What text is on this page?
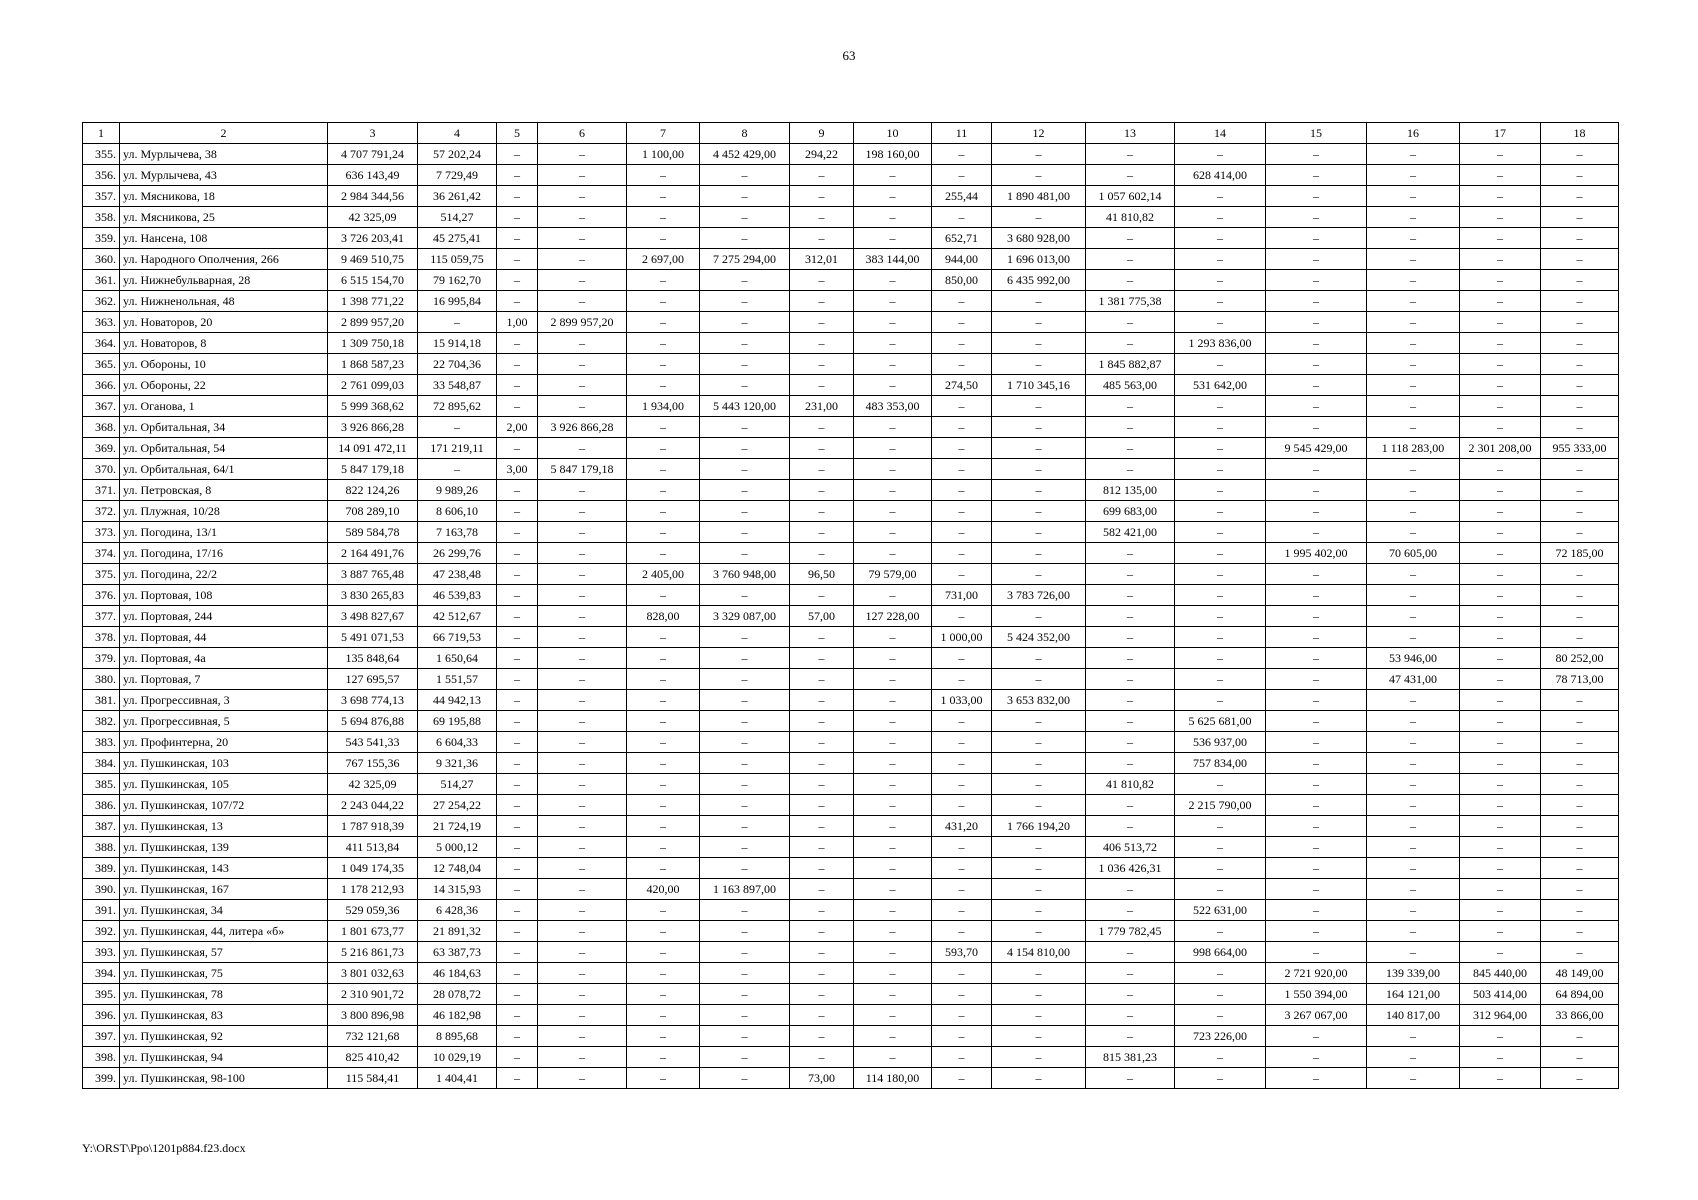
63
1	2	3	4	5	6	7	8	9	10	11	12	13	14	15	16	17	18
355.	ул. Мурлычева, 38	4 707 791,24	57 202,24	–	–	1 100,00	4 452 429,00	294,22	198 160,00	–	–	–	–	–	–	–	–
356.	ул. Мурлычева, 43	636 143,49	7 729,49	–	–	–	–	–	–	–	–	–	628 414,00	–	–	–	–
357.	ул. Мясникова, 18	2 984 344,56	36 261,42	–	–	–	–	–	–	255,44	1 890 481,00	1 057 602,14	–	–	–	–	–
358.	ул. Мясникова, 25	42 325,09	514,27	–	–	–	–	–	–	–	–	41 810,82	–	–	–	–	–
359.	ул. Нансена, 108	3 726 203,41	45 275,41	–	–	–	–	–	–	652,71	3 680 928,00	–	–	–	–	–	–
360.	ул. Народного Ополчения, 266	9 469 510,75	115 059,75	–	–	2 697,00	7 275 294,00	312,01	383 144,00	944,00	1 696 013,00	–	–	–	–	–	–
361.	ул. Нижнебульварная, 28	6 515 154,70	79 162,70	–	–	–	–	–	–	850,00	6 435 992,00	–	–	–	–	–	–
362.	ул. Нижненольная, 48	1 398 771,22	16 995,84	–	–	–	–	–	–	–	–	1 381 775,38	–	–	–	–	–
363.	ул. Новаторов, 20	2 899 957,20	–	1,00	2 899 957,20	–	–	–	–	–	–	–	–	–	–	–	–
364.	ул. Новаторов, 8	1 309 750,18	15 914,18	–	–	–	–	–	–	–	–	–	1 293 836,00	–	–	–	–
365.	ул. Обороны, 10	1 868 587,23	22 704,36	–	–	–	–	–	–	–	–	1 845 882,87	–	–	–	–	–
366.	ул. Обороны, 22	2 761 099,03	33 548,87	–	–	–	–	–	–	274,50	1 710 345,16	485 563,00	531 642,00	–	–	–	–
367.	ул. Оганова, 1	5 999 368,62	72 895,62	–	–	1 934,00	5 443 120,00	231,00	483 353,00	–	–	–	–	–	–	–	–
368.	ул. Орбитальная, 34	3 926 866,28	–	2,00	3 926 866,28	–	–	–	–	–	–	–	–	–	–	–	–
369.	ул. Орбитальная, 54	14 091 472,11	171 219,11	–	–	–	–	–	–	–	–	–	–	9 545 429,00	1 118 283,00	2 301 208,00	955 333,00
370.	ул. Орбитальная, 64/1	5 847 179,18	–	3,00	5 847 179,18	–	–	–	–	–	–	–	–	–	–	–	–
371.	ул. Петровская, 8	822 124,26	9 989,26	–	–	–	–	–	–	–	–	812 135,00	–	–	–	–	–
372.	ул. Плужная, 10/28	708 289,10	8 606,10	–	–	–	–	–	–	–	–	699 683,00	–	–	–	–	–
373.	ул. Погодина, 13/1	589 584,78	7 163,78	–	–	–	–	–	–	–	–	582 421,00	–	–	–	–	–
374.	ул. Погодина, 17/16	2 164 491,76	26 299,76	–	–	–	–	–	–	–	–	–	–	1 995 402,00	70 605,00	–	72 185,00
375.	ул. Погодина, 22/2	3 887 765,48	47 238,48	–	–	2 405,00	3 760 948,00	96,50	79 579,00	–	–	–	–	–	–	–	–
376.	ул. Портовая, 108	3 830 265,83	46 539,83	–	–	–	–	–	–	731,00	3 783 726,00	–	–	–	–	–	–
377.	ул. Портовая, 244	3 498 827,67	42 512,67	–	–	828,00	3 329 087,00	57,00	127 228,00	–	–	–	–	–	–	–	–
378.	ул. Портовая, 44	5 491 071,53	66 719,53	–	–	–	–	–	–	1 000,00	5 424 352,00	–	–	–	–	–	–
379.	ул. Портовая, 4а	135 848,64	1 650,64	–	–	–	–	–	–	–	–	–	–	–	53 946,00	–	80 252,00
380.	ул. Портовая, 7	127 695,57	1 551,57	–	–	–	–	–	–	–	–	–	–	–	47 431,00	–	78 713,00
381.	ул. Прогрессивная, 3	3 698 774,13	44 942,13	–	–	–	–	–	–	1 033,00	3 653 832,00	–	–	–	–	–	–
382.	ул. Прогрессивная, 5	5 694 876,88	69 195,88	–	–	–	–	–	–	–	–	–	5 625 681,00	–	–	–	–
383.	ул. Профинтерна, 20	543 541,33	6 604,33	–	–	–	–	–	–	–	–	–	536 937,00	–	–	–	–
384.	ул. Пушкинская, 103	767 155,36	9 321,36	–	–	–	–	–	–	–	–	–	757 834,00	–	–	–	–
385.	ул. Пушкинская, 105	42 325,09	514,27	–	–	–	–	–	–	–	–	41 810,82	–	–	–	–	–
386.	ул. Пушкинская, 107/72	2 243 044,22	27 254,22	–	–	–	–	–	–	–	–	–	2 215 790,00	–	–	–	–
387.	ул. Пушкинская, 13	1 787 918,39	21 724,19	–	–	–	–	–	–	431,20	1 766 194,20	–	–	–	–	–	–
388.	ул. Пушкинская, 139	411 513,84	5 000,12	–	–	–	–	–	–	–	–	406 513,72	–	–	–	–	–
389.	ул. Пушкинская, 143	1 049 174,35	12 748,04	–	–	–	–	–	–	–	–	1 036 426,31	–	–	–	–	–
390.	ул. Пушкинская, 167	1 178 212,93	14 315,93	–	–	420,00	1 163 897,00	–	–	–	–	–	–	–	–	–	–
391.	ул. Пушкинская, 34	529 059,36	6 428,36	–	–	–	–	–	–	–	–	–	522 631,00	–	–	–	–
392.	ул. Пушкинская, 44, литера «б»	1 801 673,77	21 891,32	–	–	–	–	–	–	–	–	1 779 782,45	–	–	–	–	–
393.	ул. Пушкинская, 57	5 216 861,73	63 387,73	–	–	–	–	–	–	593,70	4 154 810,00	–	998 664,00	–	–	–	–
394.	ул. Пушкинская, 75	3 801 032,63	46 184,63	–	–	–	–	–	–	–	–	–	–	2 721 920,00	139 339,00	845 440,00	48 149,00
395.	ул. Пушкинская, 78	2 310 901,72	28 078,72	–	–	–	–	–	–	–	–	–	–	1 550 394,00	164 121,00	503 414,00	64 894,00
396.	ул. Пушкинская, 83	3 800 896,98	46 182,98	–	–	–	–	–	–	–	–	–	–	3 267 067,00	140 817,00	312 964,00	33 866,00
397.	ул. Пушкинская, 92	732 121,68	8 895,68	–	–	–	–	–	–	–	–	–	723 226,00	–	–	–	–
398.	ул. Пушкинская, 94	825 410,42	10 029,19	–	–	–	–	–	–	–	–	815 381,23	–	–	–	–	–
399.	ул. Пушкинская, 98-100	115 584,41	1 404,41	–	–	–	–	73,00	114 180,00	–	–	–	–	–	–	–	–
Y:\ORST\Ppo\1201p884.f23.docx
